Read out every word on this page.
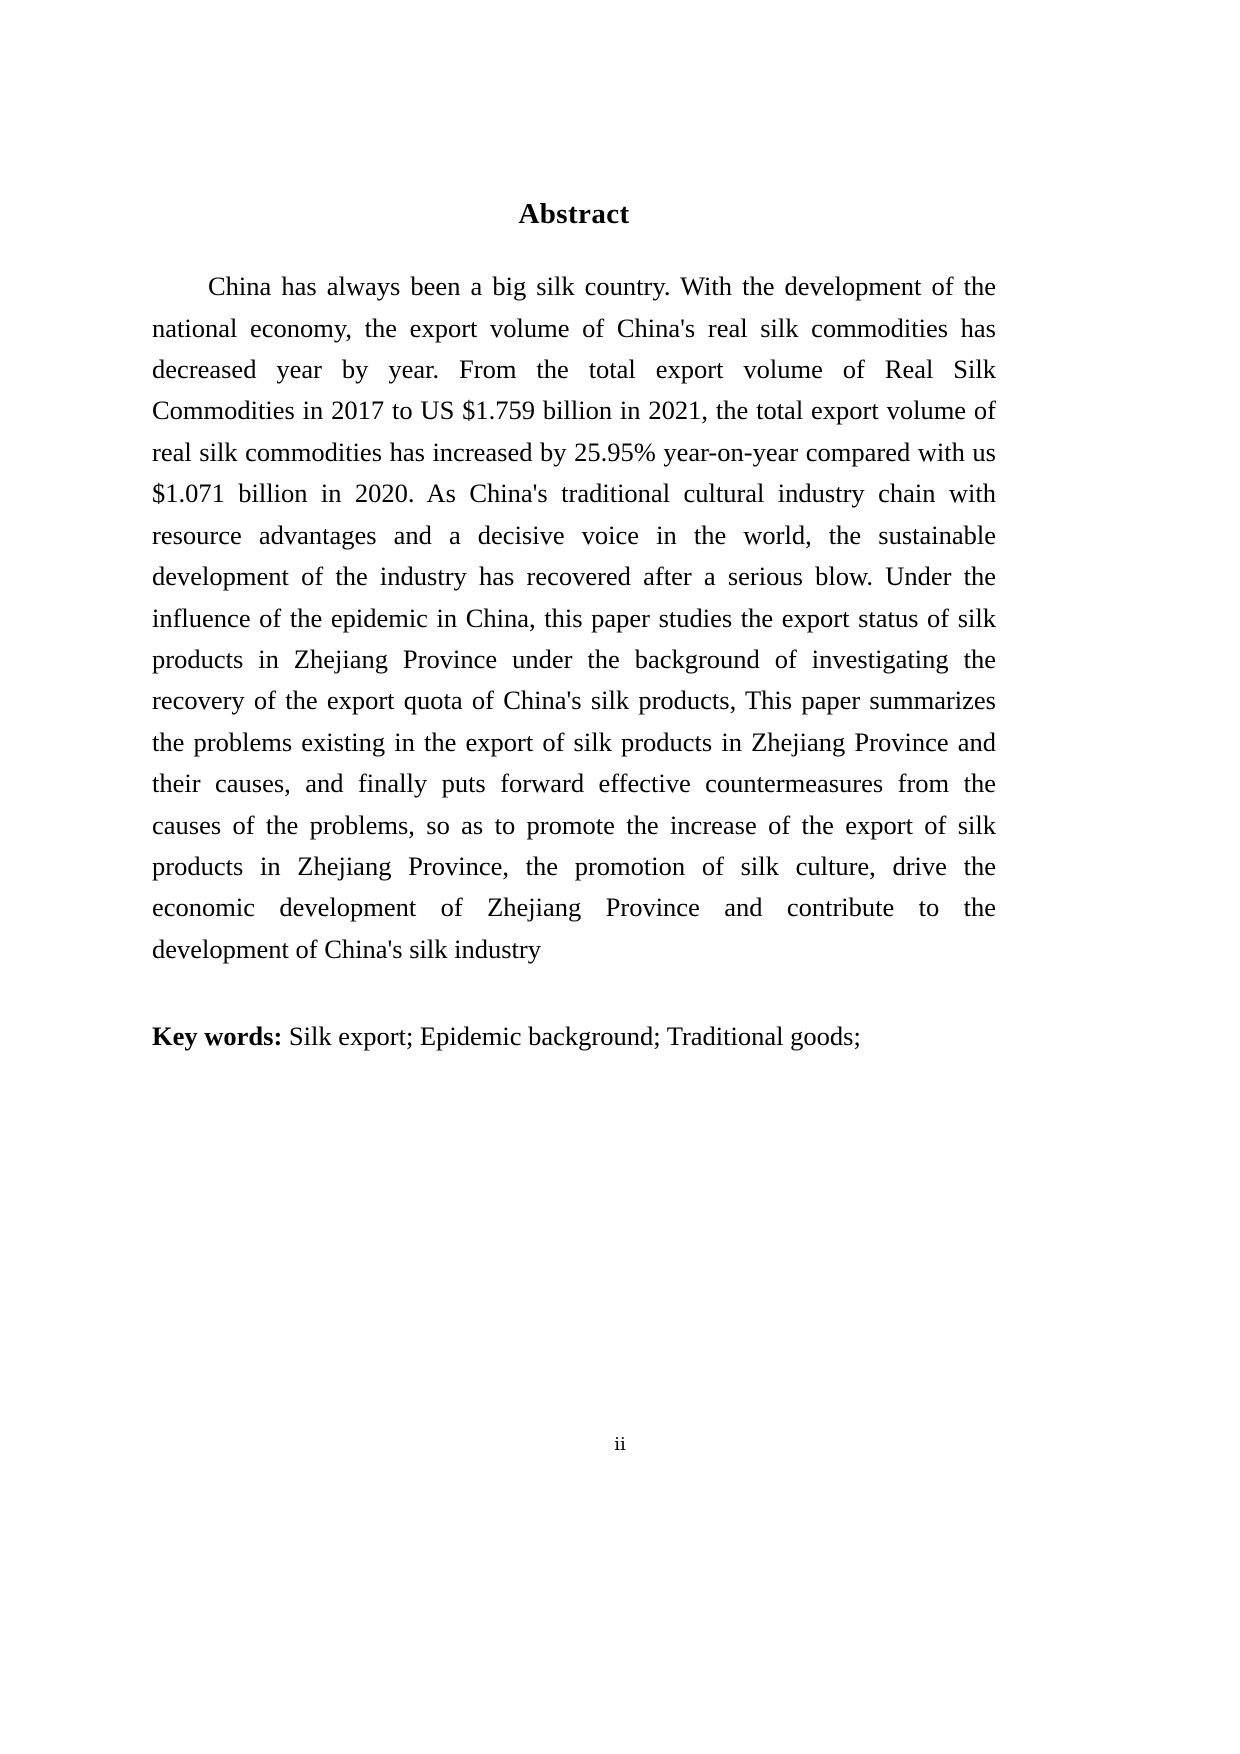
Abstract

China has always been a big silk country. With the development of the national economy, the export volume of China's real silk commodities has decreased year by year. From the total export volume of Real Silk Commodities in 2017 to US $1.759 billion in 2021, the total export volume of real silk commodities has increased by 25.95% year-on-year compared with us $1.071 billion in 2020. As China's traditional cultural industry chain with resource advantages and a decisive voice in the world, the sustainable development of the industry has recovered after a serious blow. Under the influence of the epidemic in China, this paper studies the export status of silk products in Zhejiang Province under the background of investigating the recovery of the export quota of China's silk products, This paper summarizes the problems existing in the export of silk products in Zhejiang Province and their causes, and finally puts forward effective countermeasures from the causes of the problems, so as to promote the increase of the export of silk products in Zhejiang Province, the promotion of silk culture, drive the economic development of Zhejiang Province and contribute to the development of China's silk industry

Key words: Silk export; Epidemic background; Traditional goods;

ⅱ
